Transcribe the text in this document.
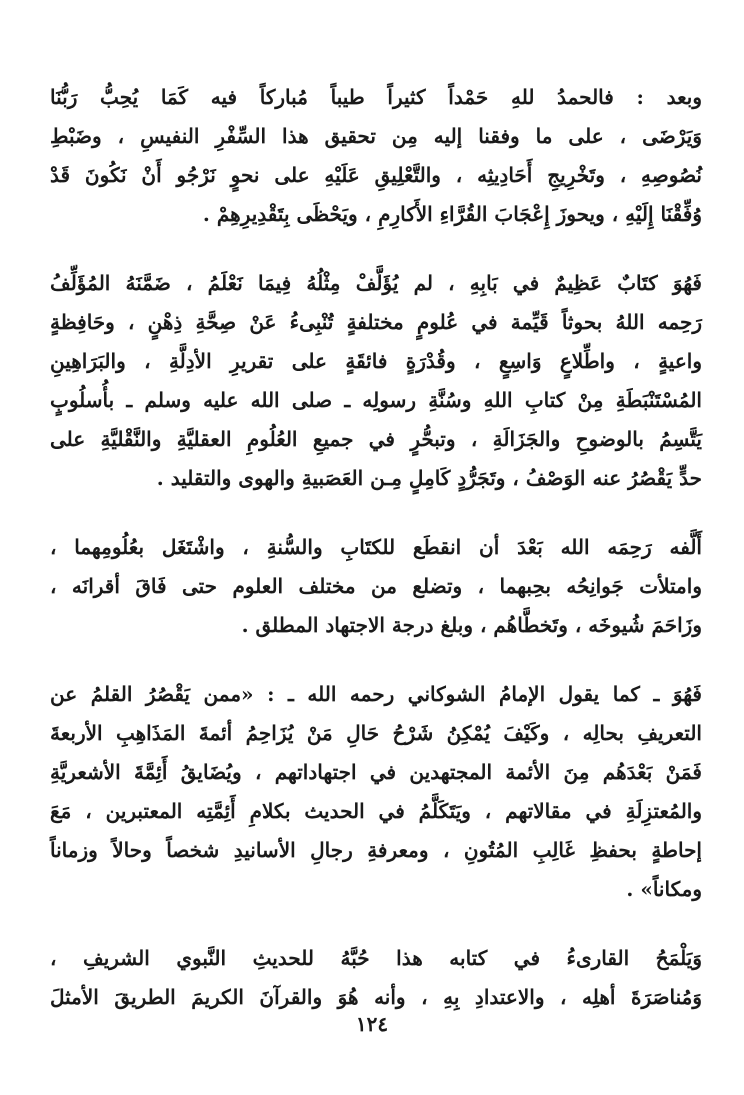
وبعد : فالحمدُ للهِ حَمْداً كثيراً طيباً مُباركاً فيه كَمَا يُحِبُّ رَبُّنَا
وَيَرْضَى ، على ما وفقنا إليه مِن تحقيق هذا السِّفْرِ النفيسِ ، وضَبْطِ
نُصُوصِهِ ، وتَخْرِيجِ أَحَادِيثِه ، والتَّعْلِيقِ عَلَيْهِ على نحوٍ نَرْجُو أَنْ نَكُونَ قَدْ
وُفِّقْنَا إِلَيْهِ ، ويحوزَ إِعْجَابَ القُرَّاءِ الأَكارِمِ ، ويَحْظَى بِتَقْدِيرِهِمْ .
فَهُوَ كتَابٌ عَظِيمٌ في بَابِهِ ، لم يُؤَلَّفْ مِثْلُهُ فِيمَا نَعْلَمُ ، ضَمَّنَهُ المُؤَلِّفُ
رَحِمه اللهُ بحوثاً قَيِّمة في عُلومٍ مختلفةٍ تُنْبِىءُ عَنْ صِحَّةِ ذِهْنٍ ، وحَافِظةٍ
واعيةٍ ، واطِّلاعٍ وَاسِعٍ ، وقُدْرَةٍ فائقَةٍ على تقريرِ الأدِلَّةِ ، والبَرَاهِينِ
المُسْتَنْبَطَةِ مِنْ كتابِ اللهِ وسُنَّةِ رسولِه ـ صلى الله عليه وسلم ـ بأُسلُوبٍ
يَتَّسِمُ بالوضوحِ والجَزَالَةِ ، وتبحُّرٍ في جميعِ العُلُومِ العقليَّةِ والنَّقْليَّةِ على
حدٍّ يَقْصُرُ عنه الوَصْفُ ، وتَجَرُّدٍ كَامِلٍ مِـن العَصَبيةِ والهوى والتقليد .
أَلَّفه رَحِمَه الله بَعْدَ أن انقطَع للكتَابِ والسُّنةِ ، واشْتَغَل بعُلُومِهما ،
وامتلأت جَوانِحُه بحِبهما ، وتضلع من مختلف العلوم حتى فَاقَ أقرانَه ،
وزَاحَمَ شُيوخَه ، وتَخطَّاهُم ، وبلغ درجة الاجتهاد المطلق .
فَهُوَ ـ كما يقول الإمامُ الشوكاني رحمه الله ـ : «ممن يَقْصُرُ القلمُ عن
التعريفِ بحالِه ، وكَيْفَ يُمْكِنُ شَرْحُ حَالِ مَنْ يُزَاحِمُ أئمةَ المَذَاهِبِ الأربعةَ
فَمَنْ بَعْدَهُم مِنَ الأئمة المجتهدين في اجتهاداتهم ، ويُضَايقُ أَئِمَّةَ الأشعريَّةِ
والمُعتزِلَةِ في مقالاتهم ، ويَتَكَلَّمُ في الحديث بكلامِ أَئِمَّتِه المعتبرين ، مَعَ
إحاطةٍ بحفظِ غَالِبِ المُتُونِ ، ومعرفةِ رجالِ الأسانيدِ شخصاً وحالاً وزماناً
ومكاناً» .
وَيَلْمَحُ القارىءُ في كتابه هذا حُبَّهُ للحديثِ النَّبوي الشريفِ ،
وَمُناصَرَةَ أهلِه ، والاعتدادِ بِهِ ، وأنه هُوَ والقرآنَ الكريمَ الطريقَ الأمثلَ
١٢٤
